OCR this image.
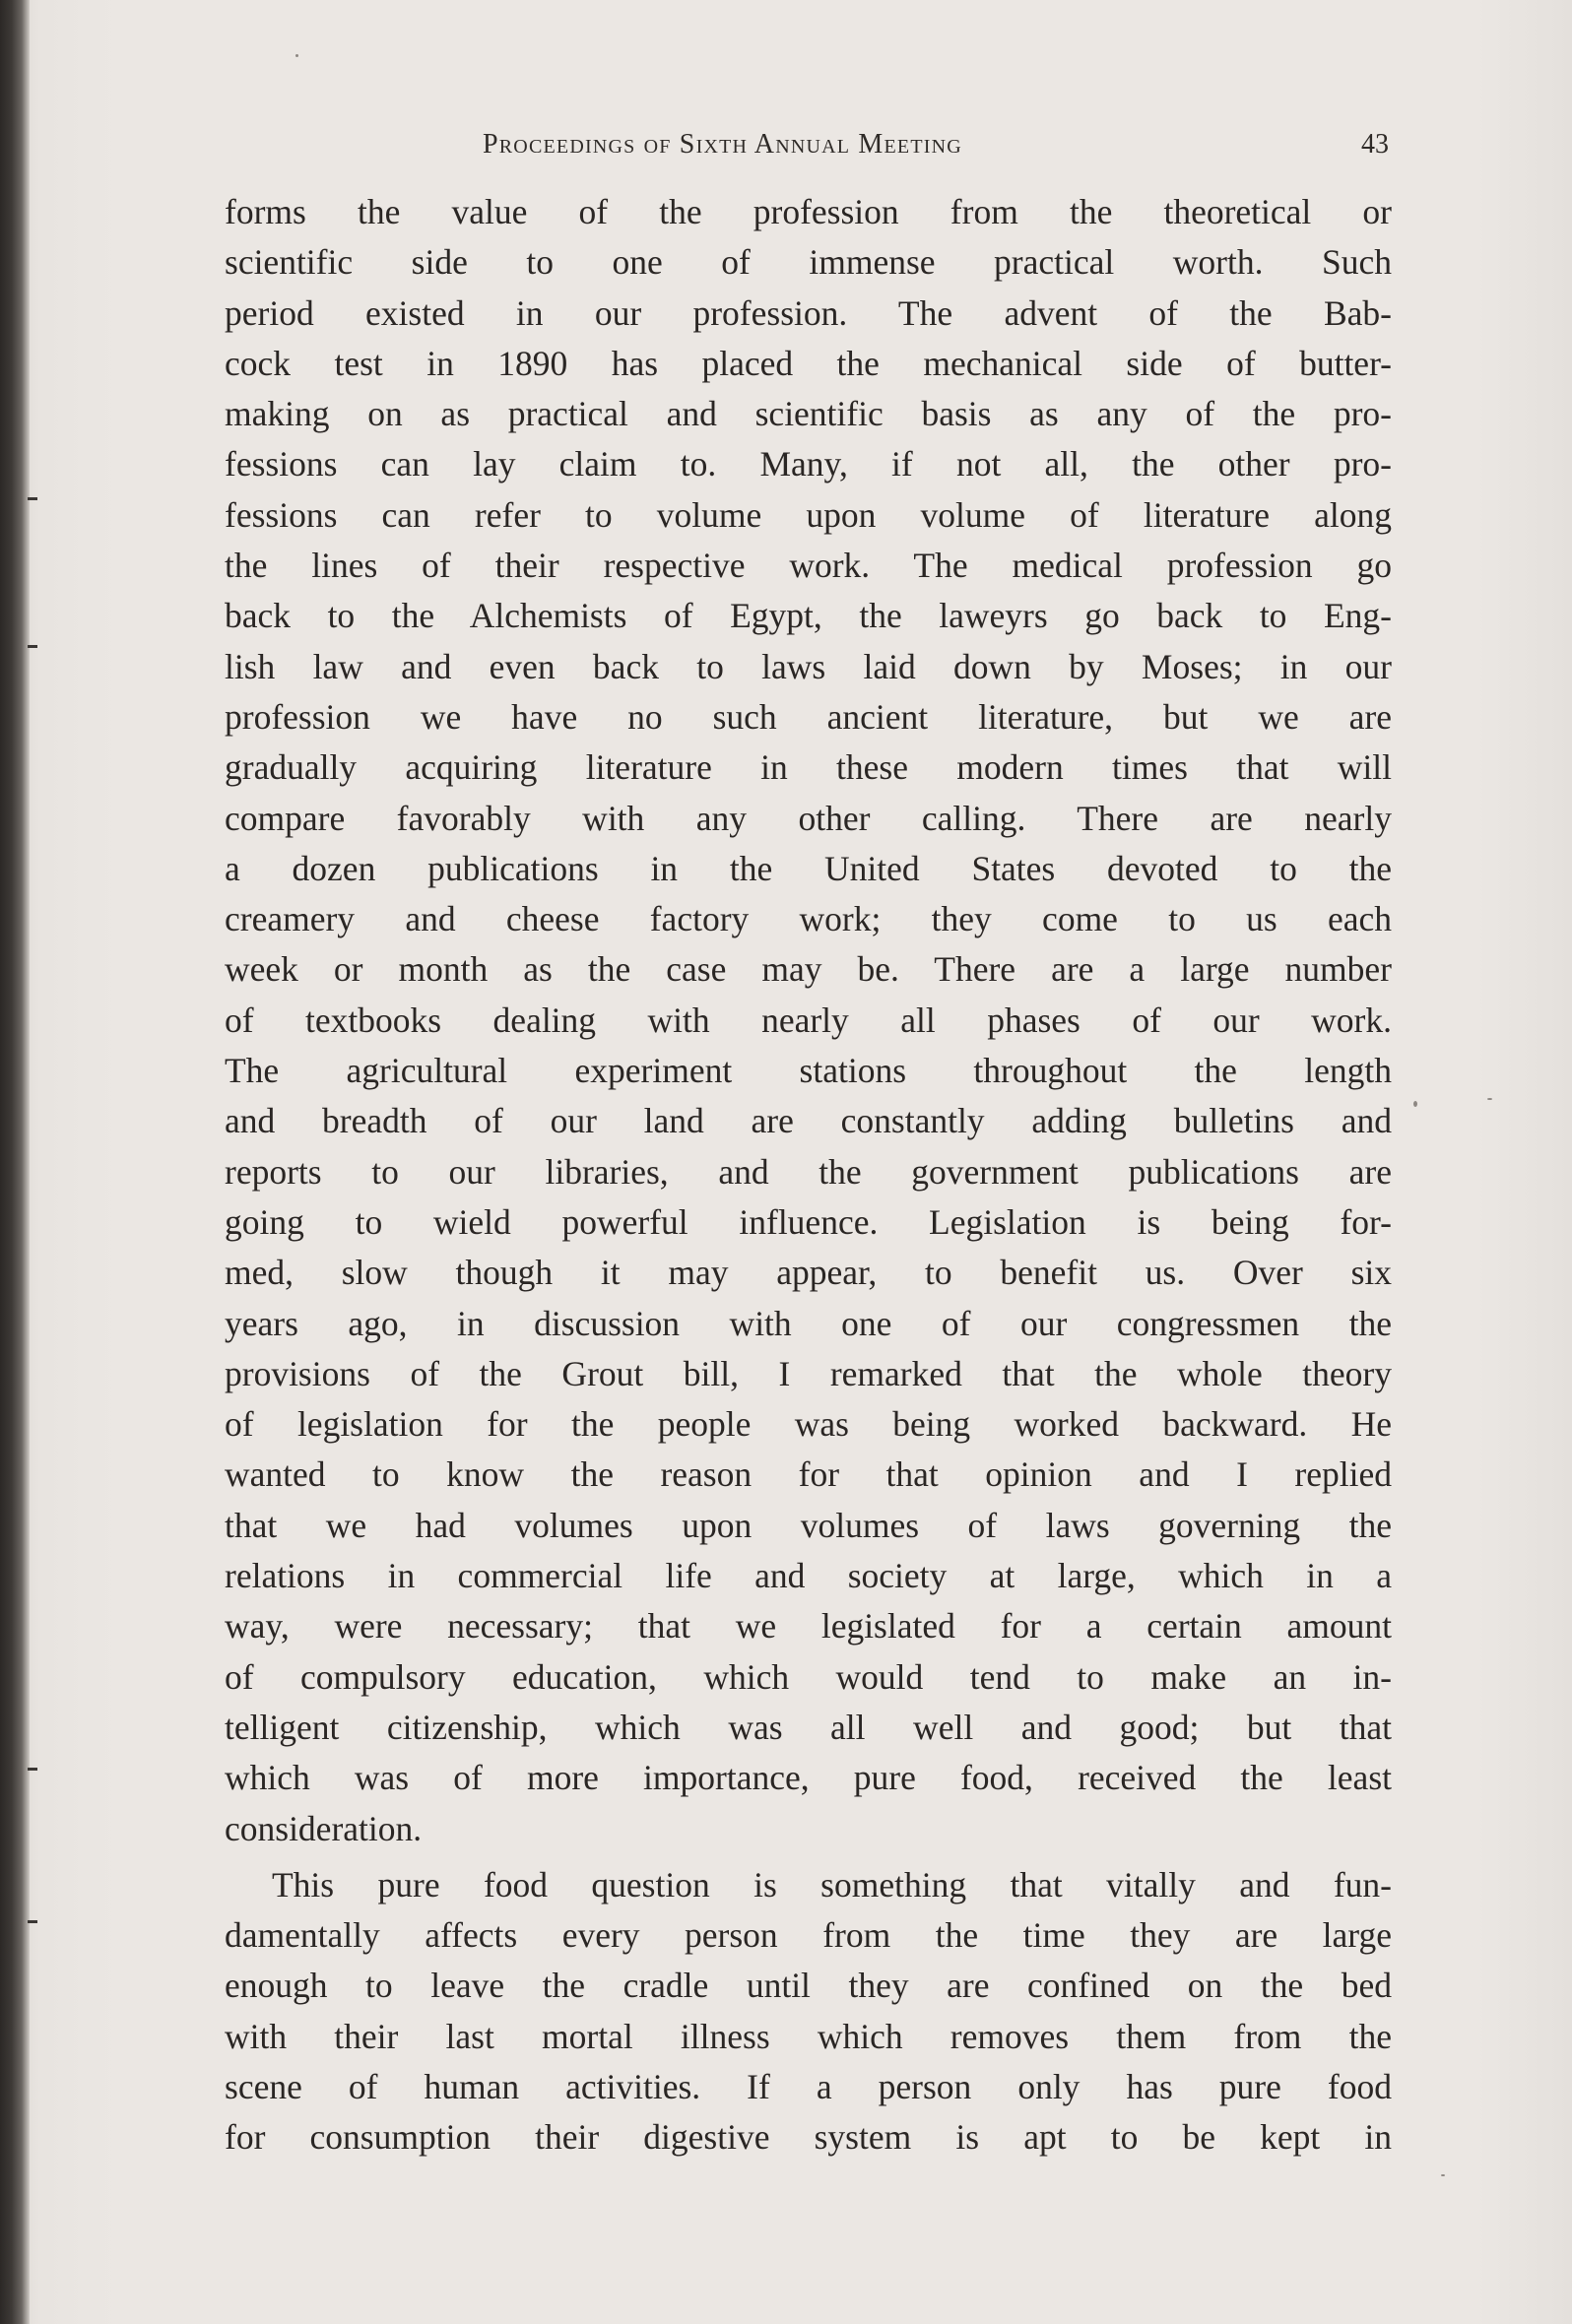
Proceedings of Sixth Annual Meeting	43

forms the value of the profession from the theoretical or
scientific side to one of immense practical worth. Such
period existed in our profession. The advent of the Bab-
cock test in 1890 has placed the mechanical side of butter-
making on as practical and scientific basis as any of the pro-
fessions can lay claim to. Many, if not all, the other pro-
fessions can refer to volume upon volume of literature along
the lines of their respective work. The medical profession go
back to the Alchemists of Egypt, the laweyrs go back to Eng-
lish law and even back to laws laid down by Moses; in our
profession we have no such ancient literature, but we are
gradually acquiring literature in these modern times that will
compare favorably with any other calling. There are nearly
a dozen publications in the United States devoted to the
creamery and cheese factory work; they come to us each
week or month as the case may be. There are a large number
of textbooks dealing with nearly all phases of our work.
The agricultural experiment stations throughout the length
and breadth of our land are constantly adding bulletins and
reports to our libraries, and the government publications are
going to wield powerful influence. Legislation is being for-
med, slow though it may appear, to benefit us. Over six
years ago, in discussion with one of our congressmen the
provisions of the Grout bill, I remarked that the whole theory
of legislation for the people was being worked backward. He
wanted to know the reason for that opinion and I replied
that we had volumes upon volumes of laws governing the
relations in commercial life and society at large, which in a
way, were necessary; that we legislated for a certain amount
of compulsory education, which would tend to make an in-
telligent citizenship, which was all well and good; but that
which was of more importance, pure food, received the least
consideration.

This pure food question is something that vitally and fun-
damentally affects every person from the time they are large
enough to leave the cradle until they are confined on the bed
with their last mortal illness which removes them from the
scene of human activities. If a person only has pure food
for consumption their digestive system is apt to be kept in
